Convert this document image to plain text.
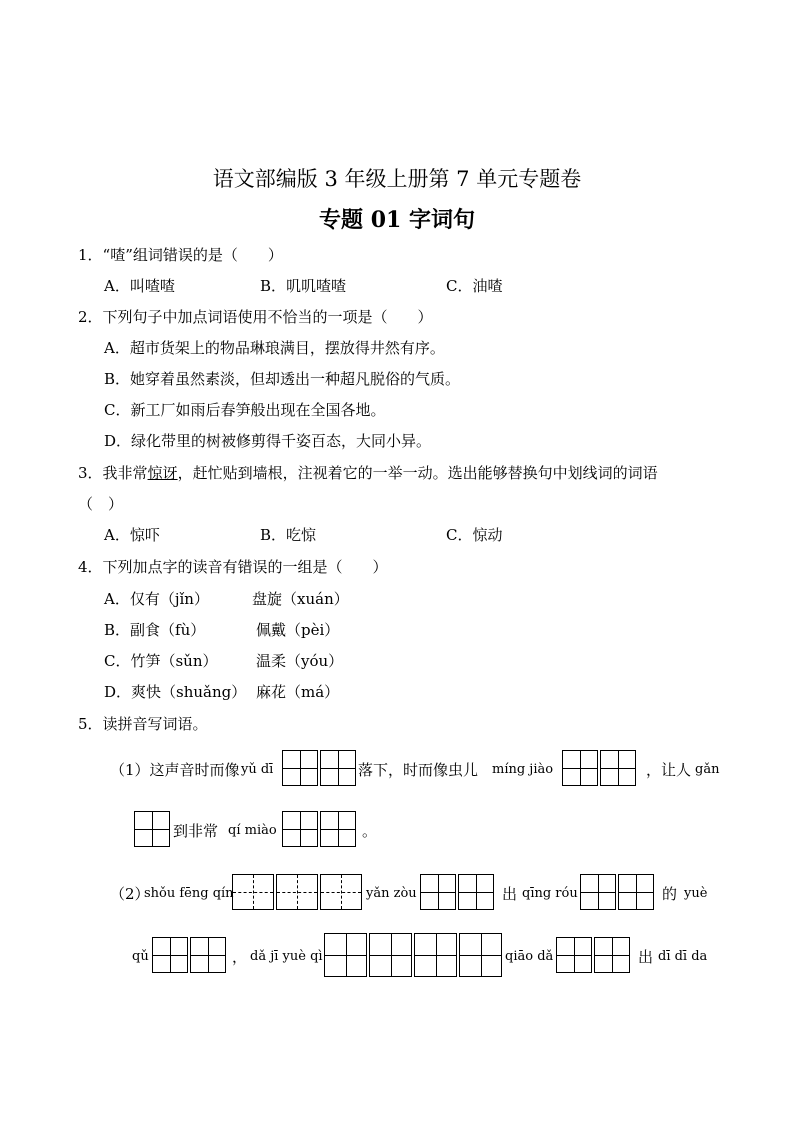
语文部编版 3 年级上册第 7 单元专题卷
专题 01 字词句
1．“喳”组词错误的是（　　）
A．叫喳喳	B．叽叽喳喳	C．油喳
2．下列句子中加点词语使用不恰当的一项是（　　）
A．超市货架上的物品琳琅满目，摆放得井然有序。
B．她穿着虽然素淡，但却透出一种超凡脱俗的气质。
C．新工厂如雨后春笋般出现在全国各地。
D．绿化带里的树被修剪得千姿百态，大同小异。
3．我非常惊讶，赶忙贴到墙根，注视着它的一举一动。选出能够替换句中划线词的词语
（　）
A．惊吓	B．吃惊	C．惊动
4．下列加点字的读音有错误的一组是（　　）
A．仅有（jǐn）	盘旋（xuán）
B．副食（fù）	佩戴（pèi）
C．竹笋（sǔn）	温柔（yóu）
D．爽快（shuǎng） 麻花（má）
5．读拼音写词语。
（1）这声音时而像 yǔ dī	落下，时而像虫儿 míng jiào	，让人 gǎn
到非常 qí miào	。
（2）
shǒu fēng qín	yǎn zòu	出 qīng róu	的 yuè
qǔ	， dǎ jī yuè qì	qiāo dǎ	出 dī dī da
